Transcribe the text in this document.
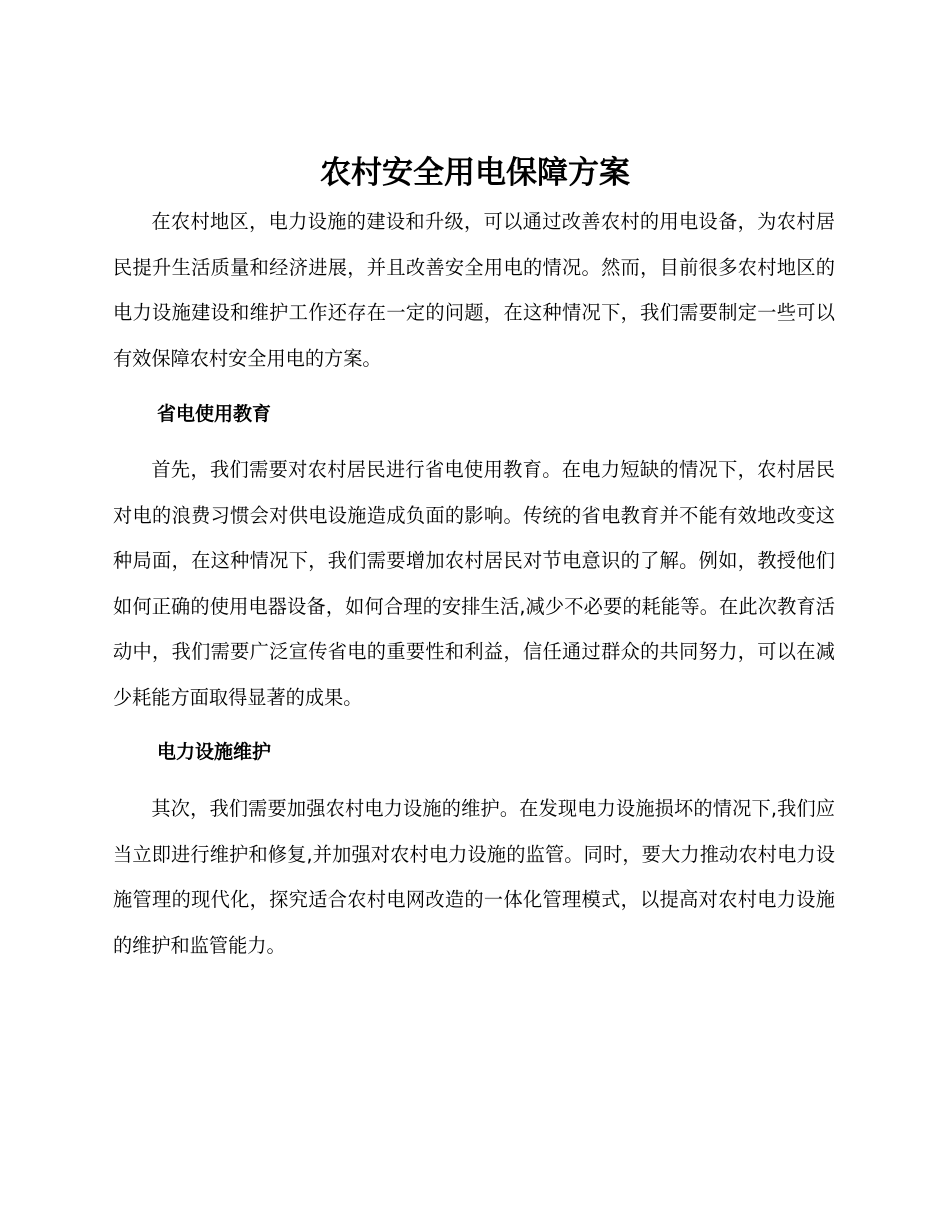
农村安全用电保障方案

在农村地区，电力设施的建设和升级，可以通过改善农村的用电设备，为农村居民提升生活质量和经济进展，并且改善安全用电的情况。然而，目前很多农村地区的电力设施建设和维护工作还存在一定的问题，在这种情况下，我们需要制定一些可以有效保障农村安全用电的方案。

省电使用教育

首先，我们需要对农村居民进行省电使用教育。在电力短缺的情况下，农村居民对电的浪费习惯会对供电设施造成负面的影响。传统的省电教育并不能有效地改变这种局面，在这种情况下，我们需要增加农村居民对节电意识的了解。例如，教授他们如何正确的使用电器设备，如何合理的安排生活,减少不必要的耗能等。在此次教育活动中，我们需要广泛宣传省电的重要性和利益，信任通过群众的共同努力，可以在减少耗能方面取得显著的成果。

电力设施维护

其次，我们需要加强农村电力设施的维护。在发现电力设施损坏的情况下,我们应当立即进行维护和修复,并加强对农村电力设施的监管。同时，要大力推动农村电力设施管理的现代化，探究适合农村电网改造的一体化管理模式，以提高对农村电力设施的维护和监管能力。
